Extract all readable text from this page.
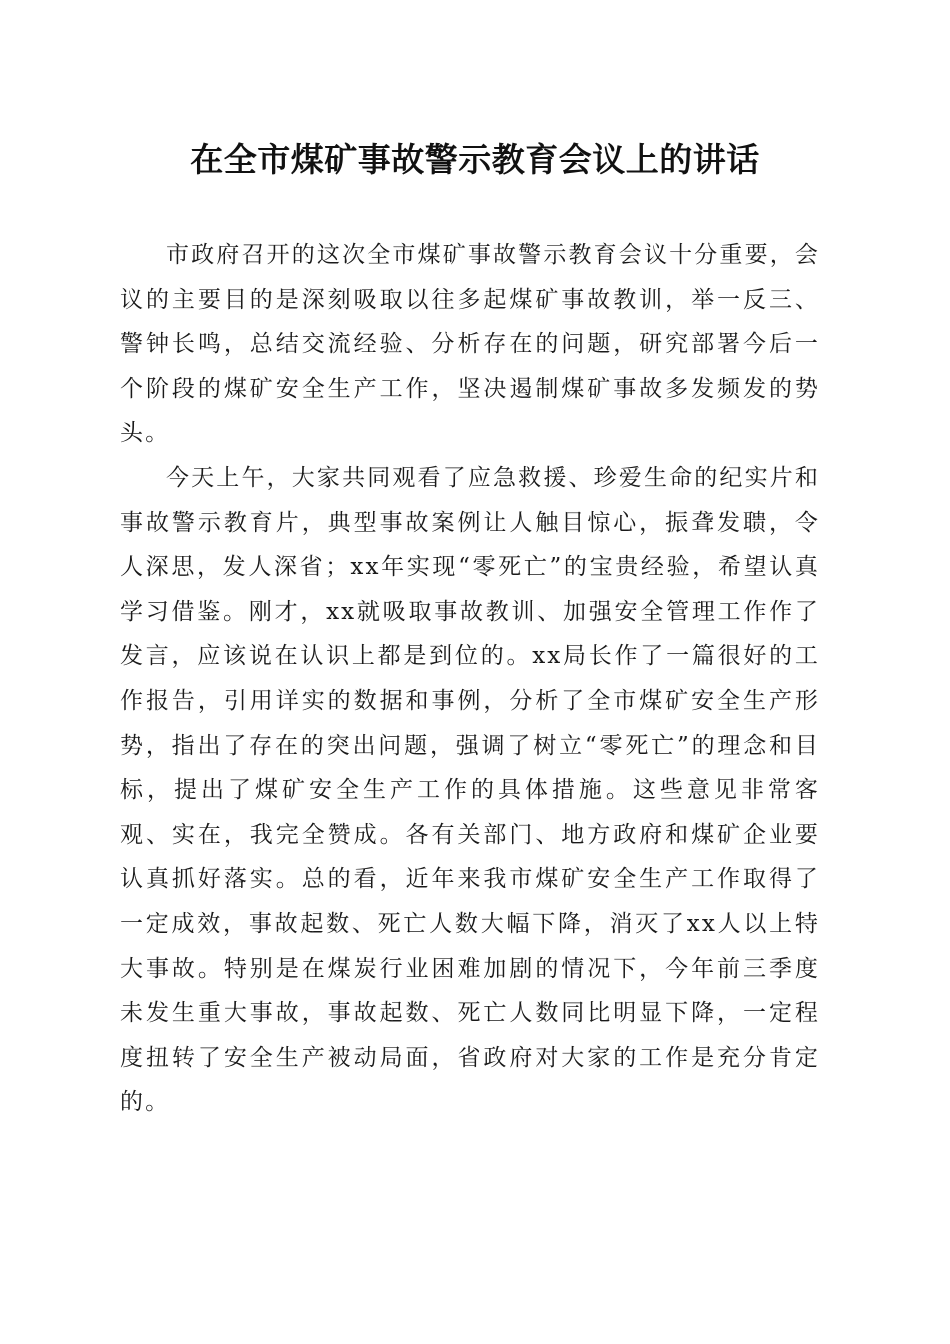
在全市煤矿事故警示教育会议上的讲话

市政府召开的这次全市煤矿事故警示教育会议十分重要，会议的主要目的是深刻吸取以往多起煤矿事故教训，举一反三、警钟长鸣，总结交流经验、分析存在的问题，研究部署今后一个阶段的煤矿安全生产工作，坚决遏制煤矿事故多发频发的势头。

今天上午，大家共同观看了应急救援、珍爱生命的纪实片和事故警示教育片，典型事故案例让人触目惊心，振聋发聩，令人深思，发人深省；xx年实现“零死亡”的宝贵经验，希望认真学习借鉴。刚才，xx就吸取事故教训、加强安全管理工作作了发言，应该说在认识上都是到位的。xx局长作了一篇很好的工作报告，引用详实的数据和事例，分析了全市煤矿安全生产形势，指出了存在的突出问题，强调了树立“零死亡”的理念和目标，提出了煤矿安全生产工作的具体措施。这些意见非常客观、实在，我完全赞成。各有关部门、地方政府和煤矿企业要认真抓好落实。总的看，近年来我市煤矿安全生产工作取得了一定成效，事故起数、死亡人数大幅下降，消灭了xx人以上特大事故。特别是在煤炭行业困难加剧的情况下，今年前三季度未发生重大事故，事故起数、死亡人数同比明显下降，一定程度扭转了安全生产被动局面，省政府对大家的工作是充分肯定的。
